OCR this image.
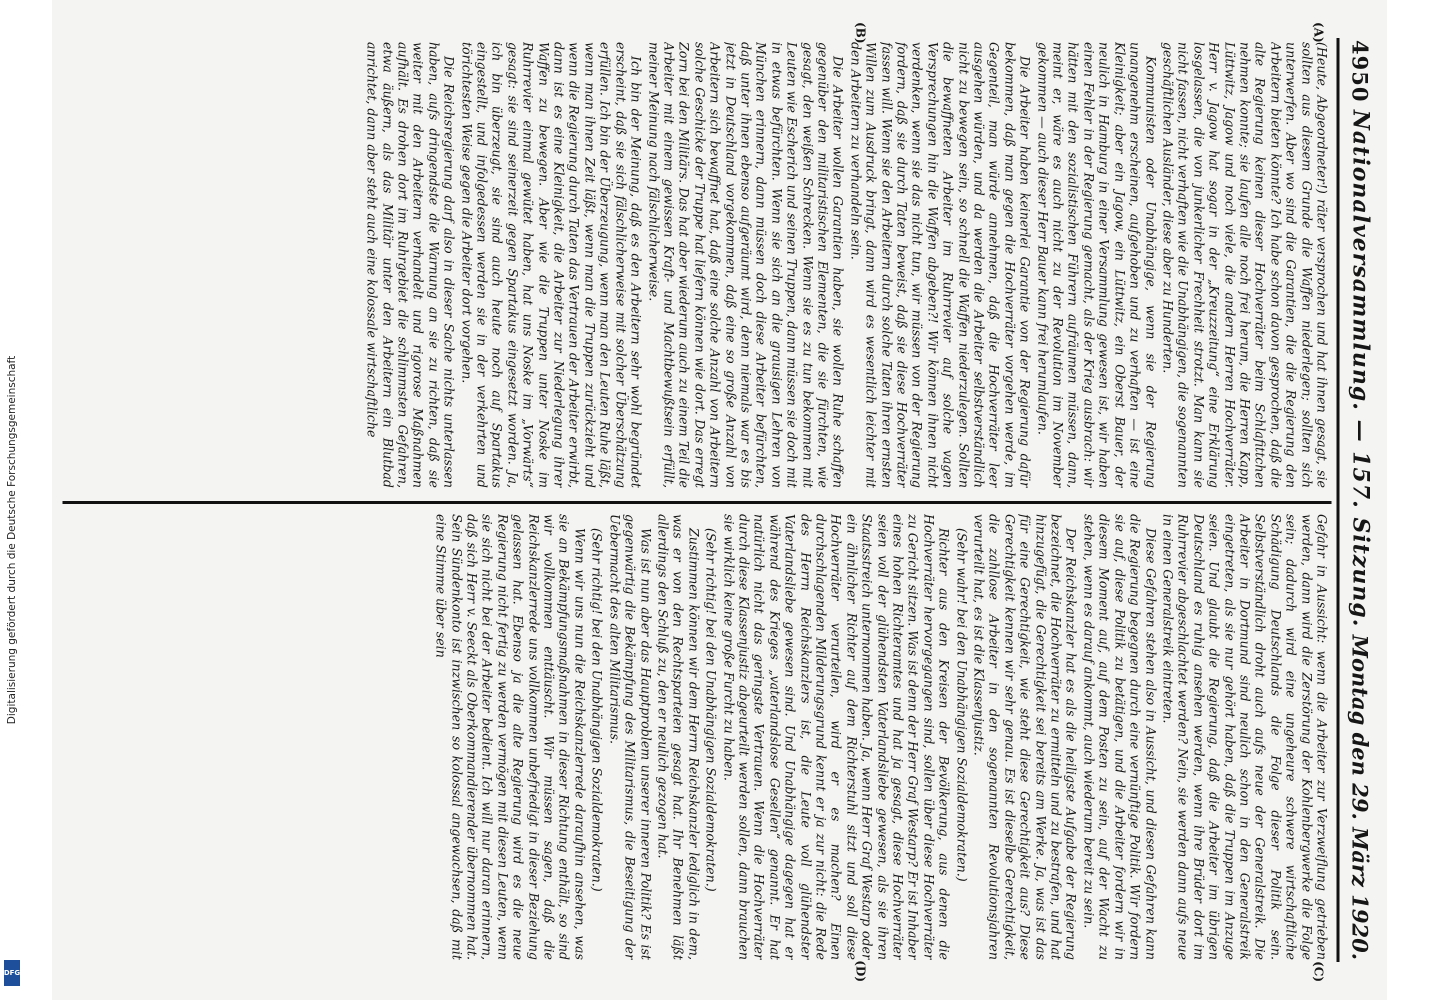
Digitalisierung gefördert durch die Deutsche Forschungsgemeinschaft
DFG
4950
Nationalversammlung. — 157. Sitzung.
Montag den 29. März 1920.
(A)
(B)
(C)
(D)

(Heute, Abgeordneter!) räter versprochen und hat ihnen gesagt, sie sollten aus diesem Grunde die Waffen niederlegen; sollten sich unterwerfen. Aber wo sind die Garantien, die die Regierung den Arbeitern bieten könnte? Ich habe schon davon gesprochen, daß die alte Regierung keinen dieser Hochverräter beim Schlafittchen nehmen konnte; sie laufen alle noch frei herum, die Herren Kapp, Lüttwitz, Jagow und noch viele, die andern Herren Hochverräter. Herr v. Jagow hat sogar in der „Kreuzzeitung“ eine Erklärung losgelassen, die von junkerlicher Frechheit strotzt. Man kann sie nicht fassen, nicht verhaften wie die Unabhängigen, die sogenannten geschäftlichen Ausländer, diese aber zu Hunderten.

Kommunisten oder Unabhängige, wenn sie der Regierung unangenehm erscheinen, aufgehoben und zu verhaften — ist eine Kleinigkeit; aber ein Jagow, ein Lüttwitz, ein Oberst Bauer, der neulich in Hamburg in einer Versammlung gewesen ist, wir haben einen Fehler in der Regierung gemacht, als der Krieg ausbrach: wir hätten mit den sozialistischen Führern aufräumen müssen, dann, meint er, wäre es auch nicht zu der Revolution im November gekommen — auch dieser Herr Bauer kann frei herumlaufen.

Die Arbeiter haben keinerlei Garantie von der Regierung dafür bekommen, daß man gegen die Hochverräter vorgehen werde, im Gegenteil, man würde annehmen, daß die Hochverräter leer ausgehen würden, und da werden die Arbeiter selbstverständlich nicht zu bewegen sein, so schnell die Waffen niederzulegen. Sollten die bewaffneten Arbeiter im Ruhrrevier auf solche vagen Versprechungen hin die Waffen abgeben?! Wir können ihnen nicht verdenken, wenn sie das nicht tun, wir müssen von der Regierung fordern, daß sie durch Taten beweist, daß sie diese Hochverräter fassen will. Wenn sie den Arbeitern durch solche Taten ihren ernsten Willen zum Ausdruck bringt, dann wird es wesentlich leichter mit den Arbeitern zu verhandeln sein.

Die Arbeiter wollen Garantien haben, sie wollen Ruhe schaffen gegenüber den militaristischen Elementen, die sie fürchten, wie gesagt, den weißen Schrecken. Wenn sie es zu tun bekommen mit Leuten wie Escherich und seinen Truppen, dann müssen sie doch mit in etwas befürchten. Wenn sie sich an die grausigen Lehren von München erinnern, dann müssen doch diese Arbeiter befürchten, daß unter ihnen ebenso aufgeräumt wird, denn niemals war es bis jetzt in Deutschland vorgekommen, daß eine so große Anzahl von Arbeitern sich bewaffnet hat, daß eine solche Anzahl von Arbeitern solche Geschicke der Truppe hat liefern können wie dort. Das erregt Zorn bei den Militärs. Das hat aber wiederum auch zu einem Teil die Arbeiter mit einem gewissen Kraft- und Machtbewußtsein erfüllt, meiner Meinung nach fälschlicherweise.

Ich bin der Meinung, daß es den Arbeitern sehr wohl begründet erscheint, daß sie sich fälschlicherweise mit solcher Überschätzung erfüllen. Ich bin der Überzeugung, wenn man den Leuten Ruhe läßt, wenn man ihnen Zeit läßt, wenn man die Truppen zurückzieht und wenn die Regierung durch Taten das Vertrauen der Arbeiter erwirbt, dann ist es eine Kleinigkeit, die Arbeiter zur Niederlegung ihrer Waffen zu bewegen. Aber wie die Truppen unter Noske im Ruhrrevier einmal gewütet haben, hat uns Noske im „Vorwärts“ gesagt: sie sind seinerzeit gegen Spartakus eingesetzt worden. Ja, ich bin überzeugt, sie sind auch heute noch auf Spartakus eingestellt, und infolgedessen werden sie in der verkehrten und törichtesten Weise gegen die Arbeiter dort vorgehen.

Die Reichsregierung darf also in dieser Sache nichts unterlassen haben, aufs dringendste die Warnung an sie zu richten, daß sie weiter mit den Arbeitern verhandelt und rigorose Maßnahmen aufhält. Es drohen dort im Ruhrgebiet die schlimmsten Gefahren, etwa äußern, als das Militär unter den Arbeitern ein Blutbad anrichtet, dann aber steht auch eine kolossale wirtschaftliche

Gefahr in Aussicht: wenn die Arbeiter zur Verzweiflung getrieben werden, dann wird die Zerstörung der Kohlenbergwerke die Folge sein; dadurch wird eine ungeheure schwere wirtschaftliche Schädigung Deutschlands die Folge dieser Politik sein. Selbstverständlich droht auch aufs neue der Generalstreik. Die Arbeiter in Dortmund sind neulich schon in den Generalstreik eingetreten, als sie nur gehört haben, daß die Truppen im Anzuge seien. Und glaubt die Regierung, daß die Arbeiter im übrigen Deutschland es ruhig ansehen werden, wenn ihre Brüder dort im Ruhrrevier abgeschlachtet werden? Nein, sie werden dann aufs neue in einen Generalstreik eintreten.

Diese Gefahren stehen also in Aussicht, und diesen Gefahren kann die Regierung begegnen durch eine vernünftige Politik. Wir fordern sie auf, diese Politik zu betätigen, und die Arbeiter fordern wir in diesem Moment auf, auf dem Posten zu sein, auf der Wacht zu stehen, wenn es darauf ankommt, auch wiederum bereit zu sein.

Der Reichskanzler hat es als die heiligste Aufgabe der Regierung bezeichnet, die Hochverräter zu ermitteln und zu bestrafen, und hat hinzugefügt, die Gerechtigkeit sei bereits am Werke. Ja, was ist das für eine Gerechtigkeit, wie steht diese Gerechtigkeit aus? Diese Gerechtigkeit kennen wir sehr genau. Es ist dieselbe Gerechtigkeit, die zahllose Arbeiter in den sogenannten Revolutionsjahren verurteilt hat, es ist die Klassenjustiz.

(Sehr wahr! bei den Unabhängigen Sozialdemokraten.)

Richter aus den Kreisen der Bevölkerung, aus denen die Hochverräter hervorgegangen sind, sollen über diese Hochverräter zu Gericht sitzen. Was ist denn der Herr Graf Westarp? Er ist Inhaber eines hohen Richteramtes und hat ja gesagt, diese Hochverräter seien voll der glühendsten Vaterlandsliebe gewesen, als sie ihren Staatsstreich unternommen haben. Ja, wenn Herr Graf Westarp oder ein ähnlicher Richter auf dem Richterstuhl sitzt und soll diese Hochverräter verurteilen, wird er es machen? Einen durchschlagenden Milderungsgrund kennt er ja zur nicht: die Rede des Herrn Reichskanzlers ist, die Leute voll glühendster Vaterlandsliebe gewesen sind. Und Unabhängige dagegen hat er während des Krieges „vaterlandslose Gesellen“ genannt. Er hat natürlich nicht das geringste Vertrauen. Wenn die Hochverräter durch diese Klassenjustiz abgeurteilt werden sollen, dann brauchen sie wirklich keine große Furcht zu haben.

(Sehr richtig! bei den Unabhängigen Sozialdemokraten.)

Zustimmen können wir dem Herrn Reichskanzler lediglich in dem, was er von den Rechtsparteien gesagt hat. Ihr Benehmen läßt allerdings den Schluß zu, den er neulich gezogen hat.

Was ist nun aber das Hauptproblem unserer inneren Politik? Es ist gegenwärtig die Bekämpfung des Militarismus, die Beseitigung der Uebermacht des alten Militarismus.

(Sehr richtig! bei den Unabhängigen Sozialdemokraten.)

Wenn wir uns nun die Reichskanzlerrede daraufhin ansehen, was sie an Bekämpfungsmaßnahmen in dieser Richtung enthält, so sind wir vollkommen enttäuscht. Wir müssen sagen, daß die Reichskanzlerrede uns vollkommen unbefriedigt in dieser Beziehung gelassen hat. Ebenso ja die alte Regierung wird es die neue Regierung nicht fertig zu werden vermögen mit diesen Leuten, wenn sie sich nicht bei der Arbeiter bedient. Ich will nur daran erinnern, daß sich Herr v. Seeckt als Oberkommandierender übernommen hat. Sein Sündenkonto ist inzwischen so kolossal angewachsen, daß mit eine Stimme über sein
